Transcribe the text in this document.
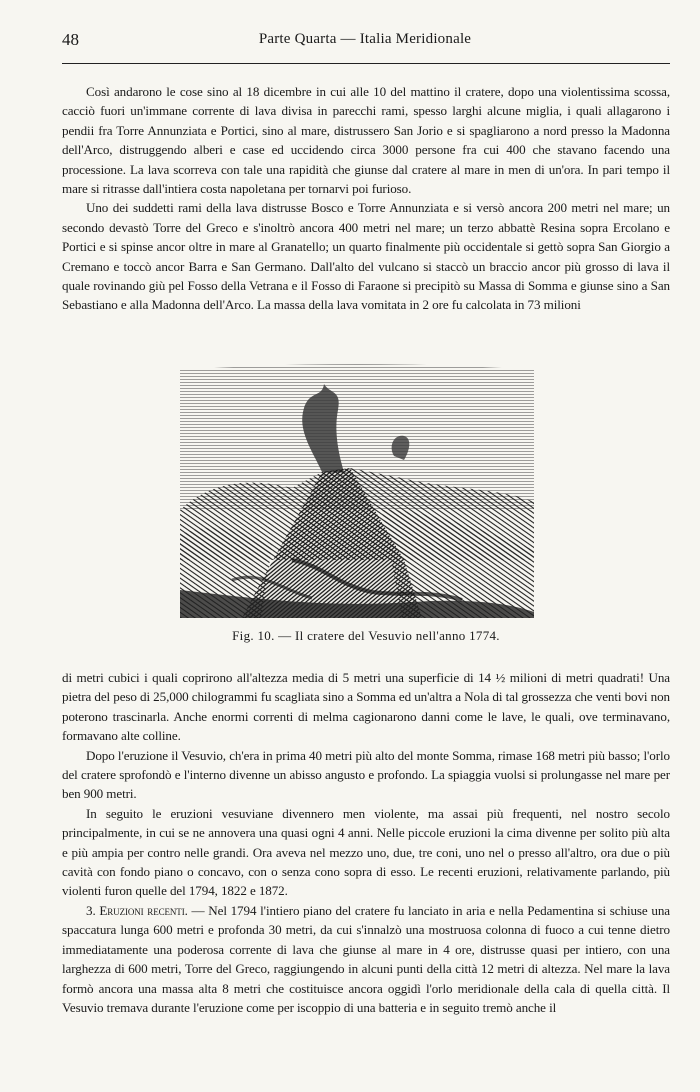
48	Parte Quarta — Italia Meridionale

Così andarono le cose sino al 18 dicembre in cui alle 10 del mattino il cratere, dopo una violentissima scossa, cacciò fuori un'immane corrente di lava divisa in parecchi rami, spesso larghi alcune miglia, i quali allagarono i pendii fra Torre Annunziata e Portici, sino al mare, distrussero San Jorio e si spagliarono a nord presso la Madonna dell'Arco, distruggendo alberi e case ed uccidendo circa 3000 persone fra cui 400 che stavano facendo una processione. La lava scorreva con tale una rapidità che giunse dal cratere al mare in men di un'ora. In pari tempo il mare si ritrasse dall'intiera costa napoletana per tornarvi poi furioso.

Uno dei suddetti rami della lava distrusse Bosco e Torre Annunziata e si versò ancora 200 metri nel mare; un secondo devastò Torre del Greco e s'inoltrò ancora 400 metri nel mare; un terzo abbattè Resina sopra Ercolano e Portici e si spinse ancor oltre in mare al Granatello; un quarto finalmente più occidentale si gettò sopra San Giorgio a Cremano e toccò ancor Barra e San Germano. Dall'alto del vulcano si staccò un braccio ancor più grosso di lava il quale rovinando giù pel Fosso della Vetrana e il Fosso di Faraone si precipitò su Massa di Somma e giunse sino a San Sebastiano e alla Madonna dell'Arco. La massa della lava vomitata in 2 ore fu calcolata in 73 milioni

Fig. 10. — Il cratere del Vesuvio nell'anno 1774.

di metri cubici i quali coprirono all'altezza media di 5 metri una superficie di 14 ½ milioni di metri quadrati! Una pietra del peso di 25,000 chilogrammi fu scagliata sino a Somma ed un'altra a Nola di tal grossezza che venti bovi non poterono trascinarla. Anche enormi correnti di melma cagionarono danni come le lave, le quali, ove terminavano, formavano alte colline.

Dopo l'eruzione il Vesuvio, ch'era in prima 40 metri più alto del monte Somma, rimase 168 metri più basso; l'orlo del cratere sprofondò e l'interno divenne un abisso angusto e profondo. La spiaggia vuolsi si prolungasse nel mare per ben 900 metri.

In seguito le eruzioni vesuviane divennero men violente, ma assai più frequenti, nel nostro secolo principalmente, in cui se ne annovera una quasi ogni 4 anni. Nelle piccole eruzioni la cima divenne per solito più alta e più ampia per contro nelle grandi. Ora aveva nel mezzo uno, due, tre coni, uno nel o presso all'altro, ora due o più cavità con fondo piano o concavo, con o senza cono sopra di esso. Le recenti eruzioni, relativamente parlando, più violenti furon quelle del 1794, 1822 e 1872.

3. Eruzioni recenti. — Nel 1794 l'intiero piano del cratere fu lanciato in aria e nella Pedamentina si schiuse una spaccatura lunga 600 metri e profonda 30 metri, da cui s'innalzò una mostruosa colonna di fuoco a cui tenne dietro immediatamente una poderosa corrente di lava che giunse al mare in 4 ore, distrusse quasi per intiero, con una larghezza di 600 metri, Torre del Greco, raggiungendo in alcuni punti della città 12 metri di altezza. Nel mare la lava formò ancora una massa alta 8 metri che costituisce ancora oggidì l'orlo meridionale della cala di quella città. Il Vesuvio tremava durante l'eruzione come per iscoppio di una batteria e in seguito tremò anche il
